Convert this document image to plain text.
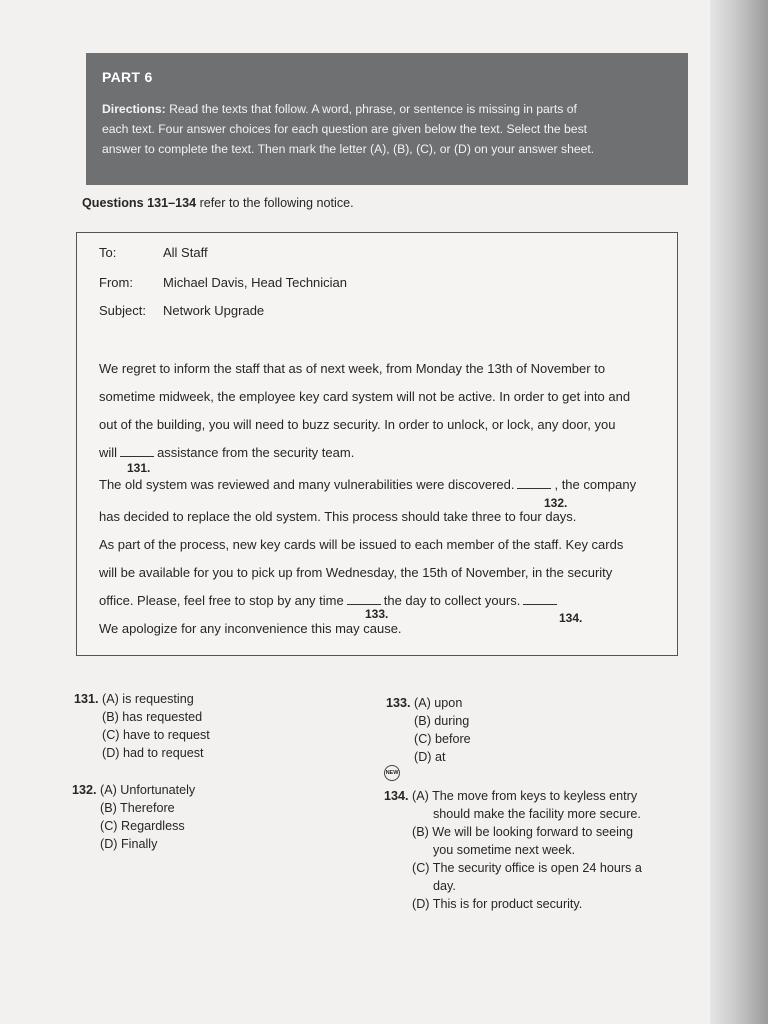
PART 6
Directions: Read the texts that follow. A word, phrase, or sentence is missing in parts of
each text. Four answer choices for each question are given below the text. Select the best
answer to complete the text. Then mark the letter (A), (B), (C), or (D) on your answer sheet.
Questions 131–134 refer to the following notice.
To:	All Staff
From: Michael Davis, Head Technician
Subject: Network Upgrade
We regret to inform the staff that as of next week, from Monday the 13th of November to
sometime midweek, the employee key card system will not be active. In order to get into and
out of the building, you will need to buzz security. In order to unlock, or lock, any door, you
will	assistance from the security team.
131.
The old system was reviewed and many vulnerabilities were discovered.	, the company
132.
has decided to replace the old system. This process should take three to four days.
As part of the process, new key cards will be issued to each member of the staff. Key cards
will be available for you to pick up from Wednesday, the 15th of November, in the security
office. Please, feel free to stop by any time	the day to collect yours.
133.	134.
We apologize for any inconvenience this may cause.
131. (A) is requesting
(B) has requested
(C) have to request
(D) had to request
132. (A) Unfortunately
(B) Therefore
(C) Regardless
(D) Finally
133. (A) upon
(B) during
(C) before
(D) at
NEW
134. (A) The move from keys to keyless entry
should make the facility more secure.
(B) We will be looking forward to seeing
you sometime next week.
(C) The security office is open 24 hours a
day.
(D) This is for product security.
